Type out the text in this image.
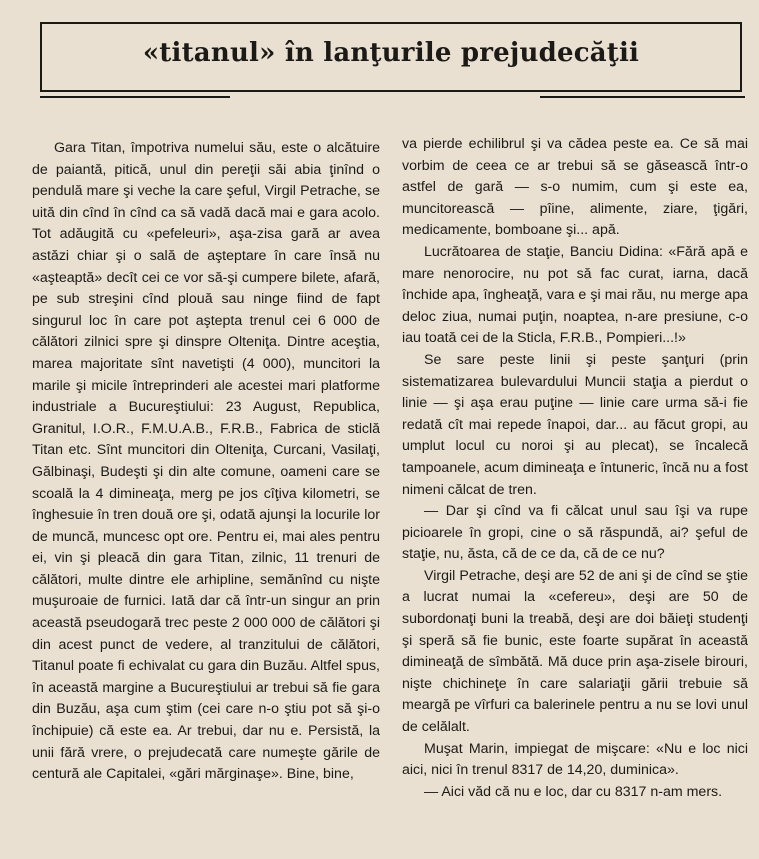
«titanul» în lanţurile prejudecăţii

Gara Titan, împotriva numelui său, este o alcătuire de paiantă, pitică, unul din pereţii săi abia ţinînd o pendulă mare şi veche la care şeful, Virgil Petrache, se uită din cînd în cînd ca să vadă dacă mai e gara acolo. Tot adăugită cu «pefeleuri», aşa-zisa gară ar avea astăzi chiar şi o sală de aşteptare în care însă nu «aşteaptă» decît cei ce vor să-şi cumpere bilete, afară, pe sub streşini cînd plouă sau ninge fiind de fapt singurul loc în care pot aştepta trenul cei 6 000 de călători zilnici spre şi dinspre Olteniţa. Dintre aceştia, marea majoritate sînt navetişti (4 000), muncitori la marile şi micile întreprinderi ale acestei mari platforme industriale a Bucureştiului: 23 August, Republica, Granitul, I.O.R., F.M.U.A.B., F.R.B., Fabrica de sticlă Titan etc. Sînt muncitori din Olteniţa, Curcani, Vasilaţi, Gălbinaşi, Budeşti şi din alte comune, oameni care se scoală la 4 dimineaţa, merg pe jos cîţiva kilometri, se înghesuie în tren două ore şi, odată ajunşi la locurile lor de muncă, muncesc opt ore. Pentru ei, mai ales pentru ei, vin şi pleacă din gara Titan, zilnic, 11 trenuri de călători, multe dintre ele arhipline, semănînd cu nişte muşuroaie de furnici. Iată dar că într-un singur an prin această pseudogară trec peste 2 000 000 de călători şi din acest punct de vedere, al tranzitului de călători, Titanul poate fi echivalat cu gara din Buzău. Altfel spus, în această margine a Bucureştiului ar trebui să fie gara din Buzău, aşa cum ştim (cei care n-o ştiu pot să şi-o închipuie) că este ea. Ar trebui, dar nu e. Persistă, la unii fără vrere, o prejudecată care numeşte gările de centură ale Capitalei, «gări mărginaşe». Bine, bine,

va pierde echilibrul şi va cădea peste ea. Ce să mai vorbim de ceea ce ar trebui să se găsească într-o astfel de gară — s-o numim, cum şi este ea, muncitorească — pîine, alimente, ziare, ţigări, medicamente, bomboane şi... apă.

Lucrătoarea de staţie, Banciu Didina: «Fără apă e mare nenorocire, nu pot să fac curat, iarna, dacă închide apa, îngheaţă, vara e şi mai rău, nu merge apa deloc ziua, numai puţin, noaptea, n-are presiune, c-o iau toată cei de la Sticla, F.R.B., Pompieri...!»

Se sare peste linii şi peste şanţuri (prin sistematizarea bulevardului Muncii staţia a pierdut o linie — şi aşa erau puţine — linie care urma să-i fie redată cît mai repede înapoi, dar... au făcut gropi, au umplut locul cu noroi şi au plecat), se încalecă tampoanele, acum dimineaţa e întuneric, încă nu a fost nimeni călcat de tren.

— Dar şi cînd va fi călcat unul sau îşi va rupe picioarele în gropi, cine o să răspundă, ai? şeful de staţie, nu, ăsta, că de ce da, că de ce nu?

Virgil Petrache, deşi are 52 de ani şi de cînd se ştie a lucrat numai la «cefereu», deşi are 50 de subordonaţi buni la treabă, deşi are doi băieţi studenţi şi speră să fie bunic, este foarte supărat în această dimineaţă de sîmbătă. Mă duce prin aşa-zisele birouri, nişte chichineţe în care salariaţii gării trebuie să meargă pe vîrfuri ca balerinele pentru a nu se lovi unul de celălalt.

Muşat Marin, impiegat de mişcare: «Nu e loc nici aici, nici în trenul 8317 de 14,20, duminica».

— Aici văd că nu e loc, dar cu 8317 n-am mers.
